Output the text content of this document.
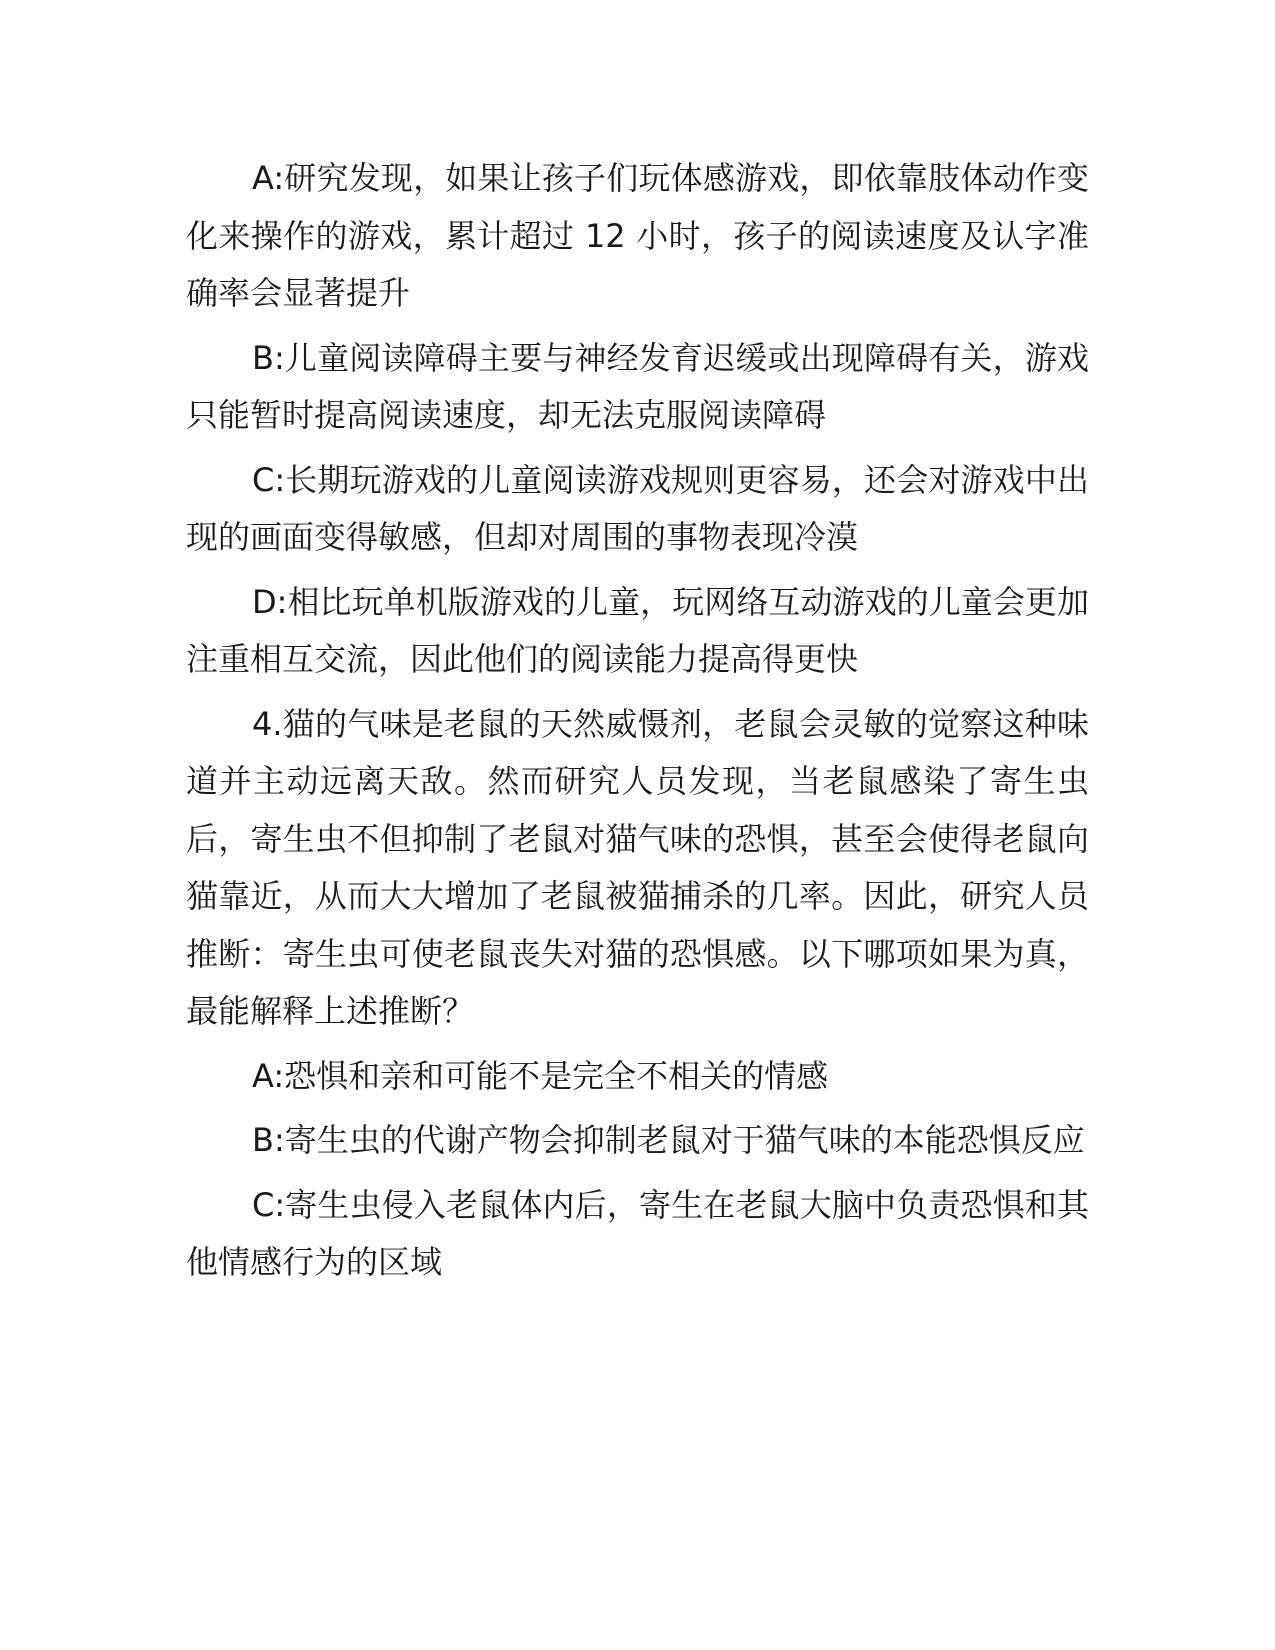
A:研究发现，如果让孩子们玩体感游戏，即依靠肢体动作变化来操作的游戏，累计超过 12 小时，孩子的阅读速度及认字准确率会显著提升

B:儿童阅读障碍主要与神经发育迟缓或出现障碍有关，游戏只能暂时提高阅读速度，却无法克服阅读障碍

C:长期玩游戏的儿童阅读游戏规则更容易，还会对游戏中出现的画面变得敏感，但却对周围的事物表现冷漠

D:相比玩单机版游戏的儿童，玩网络互动游戏的儿童会更加注重相互交流，因此他们的阅读能力提高得更快

4.猫的气味是老鼠的天然威慑剂，老鼠会灵敏的觉察这种味道并主动远离天敌。然而研究人员发现，当老鼠感染了寄生虫后，寄生虫不但抑制了老鼠对猫气味的恐惧，甚至会使得老鼠向猫靠近，从而大大增加了老鼠被猫捕杀的几率。因此，研究人员推断：寄生虫可使老鼠丧失对猫的恐惧感。以下哪项如果为真，最能解释上述推断？

A:恐惧和亲和可能不是完全不相关的情感

B:寄生虫的代谢产物会抑制老鼠对于猫气味的本能恐惧反应

C:寄生虫侵入老鼠体内后，寄生在老鼠大脑中负责恐惧和其他情感行为的区域
